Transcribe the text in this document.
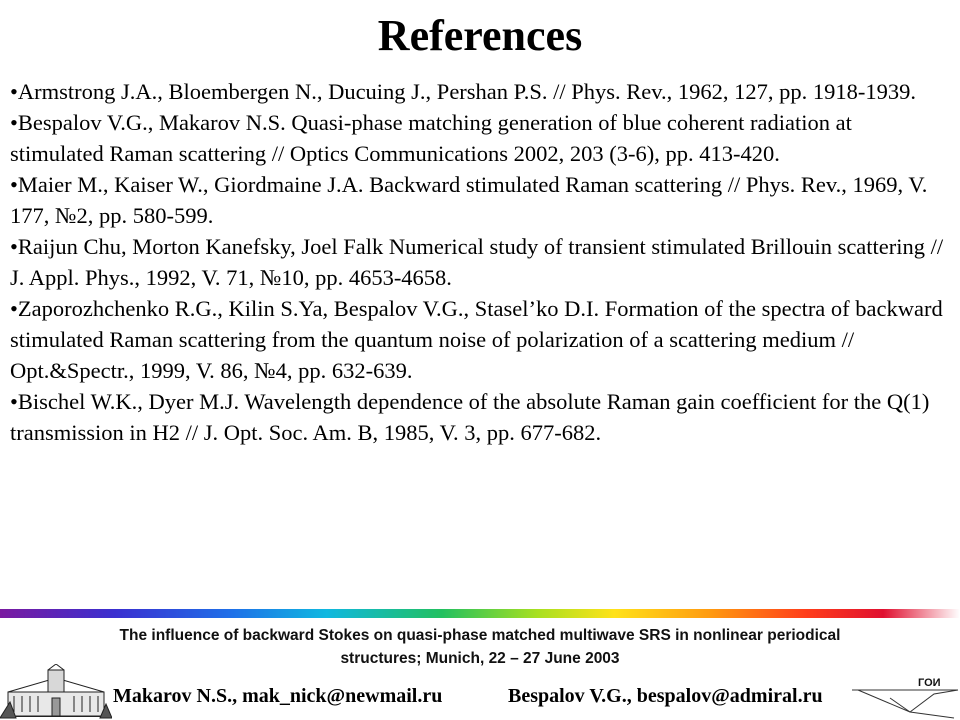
References
•Armstrong J.A., Bloembergen N., Ducuing J., Pershan P.S. // Phys. Rev., 1962, 127, pp. 1918-1939.
•Bespalov V.G., Makarov N.S. Quasi-phase matching generation of blue coherent radiation at stimulated Raman scattering // Optics Communications 2002, 203 (3-6), pp. 413-420.
•Maier M., Kaiser W., Giordmaine J.A. Backward stimulated Raman scattering // Phys. Rev., 1969, V. 177, №2, pp. 580-599.
•Raijun Chu, Morton Kanefsky, Joel Falk Numerical study of transient stimulated Brillouin scattering // J. Appl. Phys., 1992, V. 71, №10, pp. 4653-4658.
•Zaporozhchenko R.G., Kilin S.Ya, Bespalov V.G., Stasel’ko D.I. Formation of the spectra of backward stimulated Raman scattering from the quantum noise of polarization of a scattering medium // Opt.&Spectr., 1999, V. 86, №4, pp. 632-639.
•Bischel W.K., Dyer M.J. Wavelength dependence of the absolute Raman gain coefficient for the Q(1) transmission in H2 // J. Opt. Soc. Am. B, 1985, V. 3, pp. 677-682.
The influence of backward Stokes on quasi-phase matched multiwave SRS in nonlinear periodical
structures; Munich, 22 – 27 June 2003
Makarov N.S., mak_nick@newmail.ru	Bespalov V.G., bespalov@admiral.ru
ГОИ
